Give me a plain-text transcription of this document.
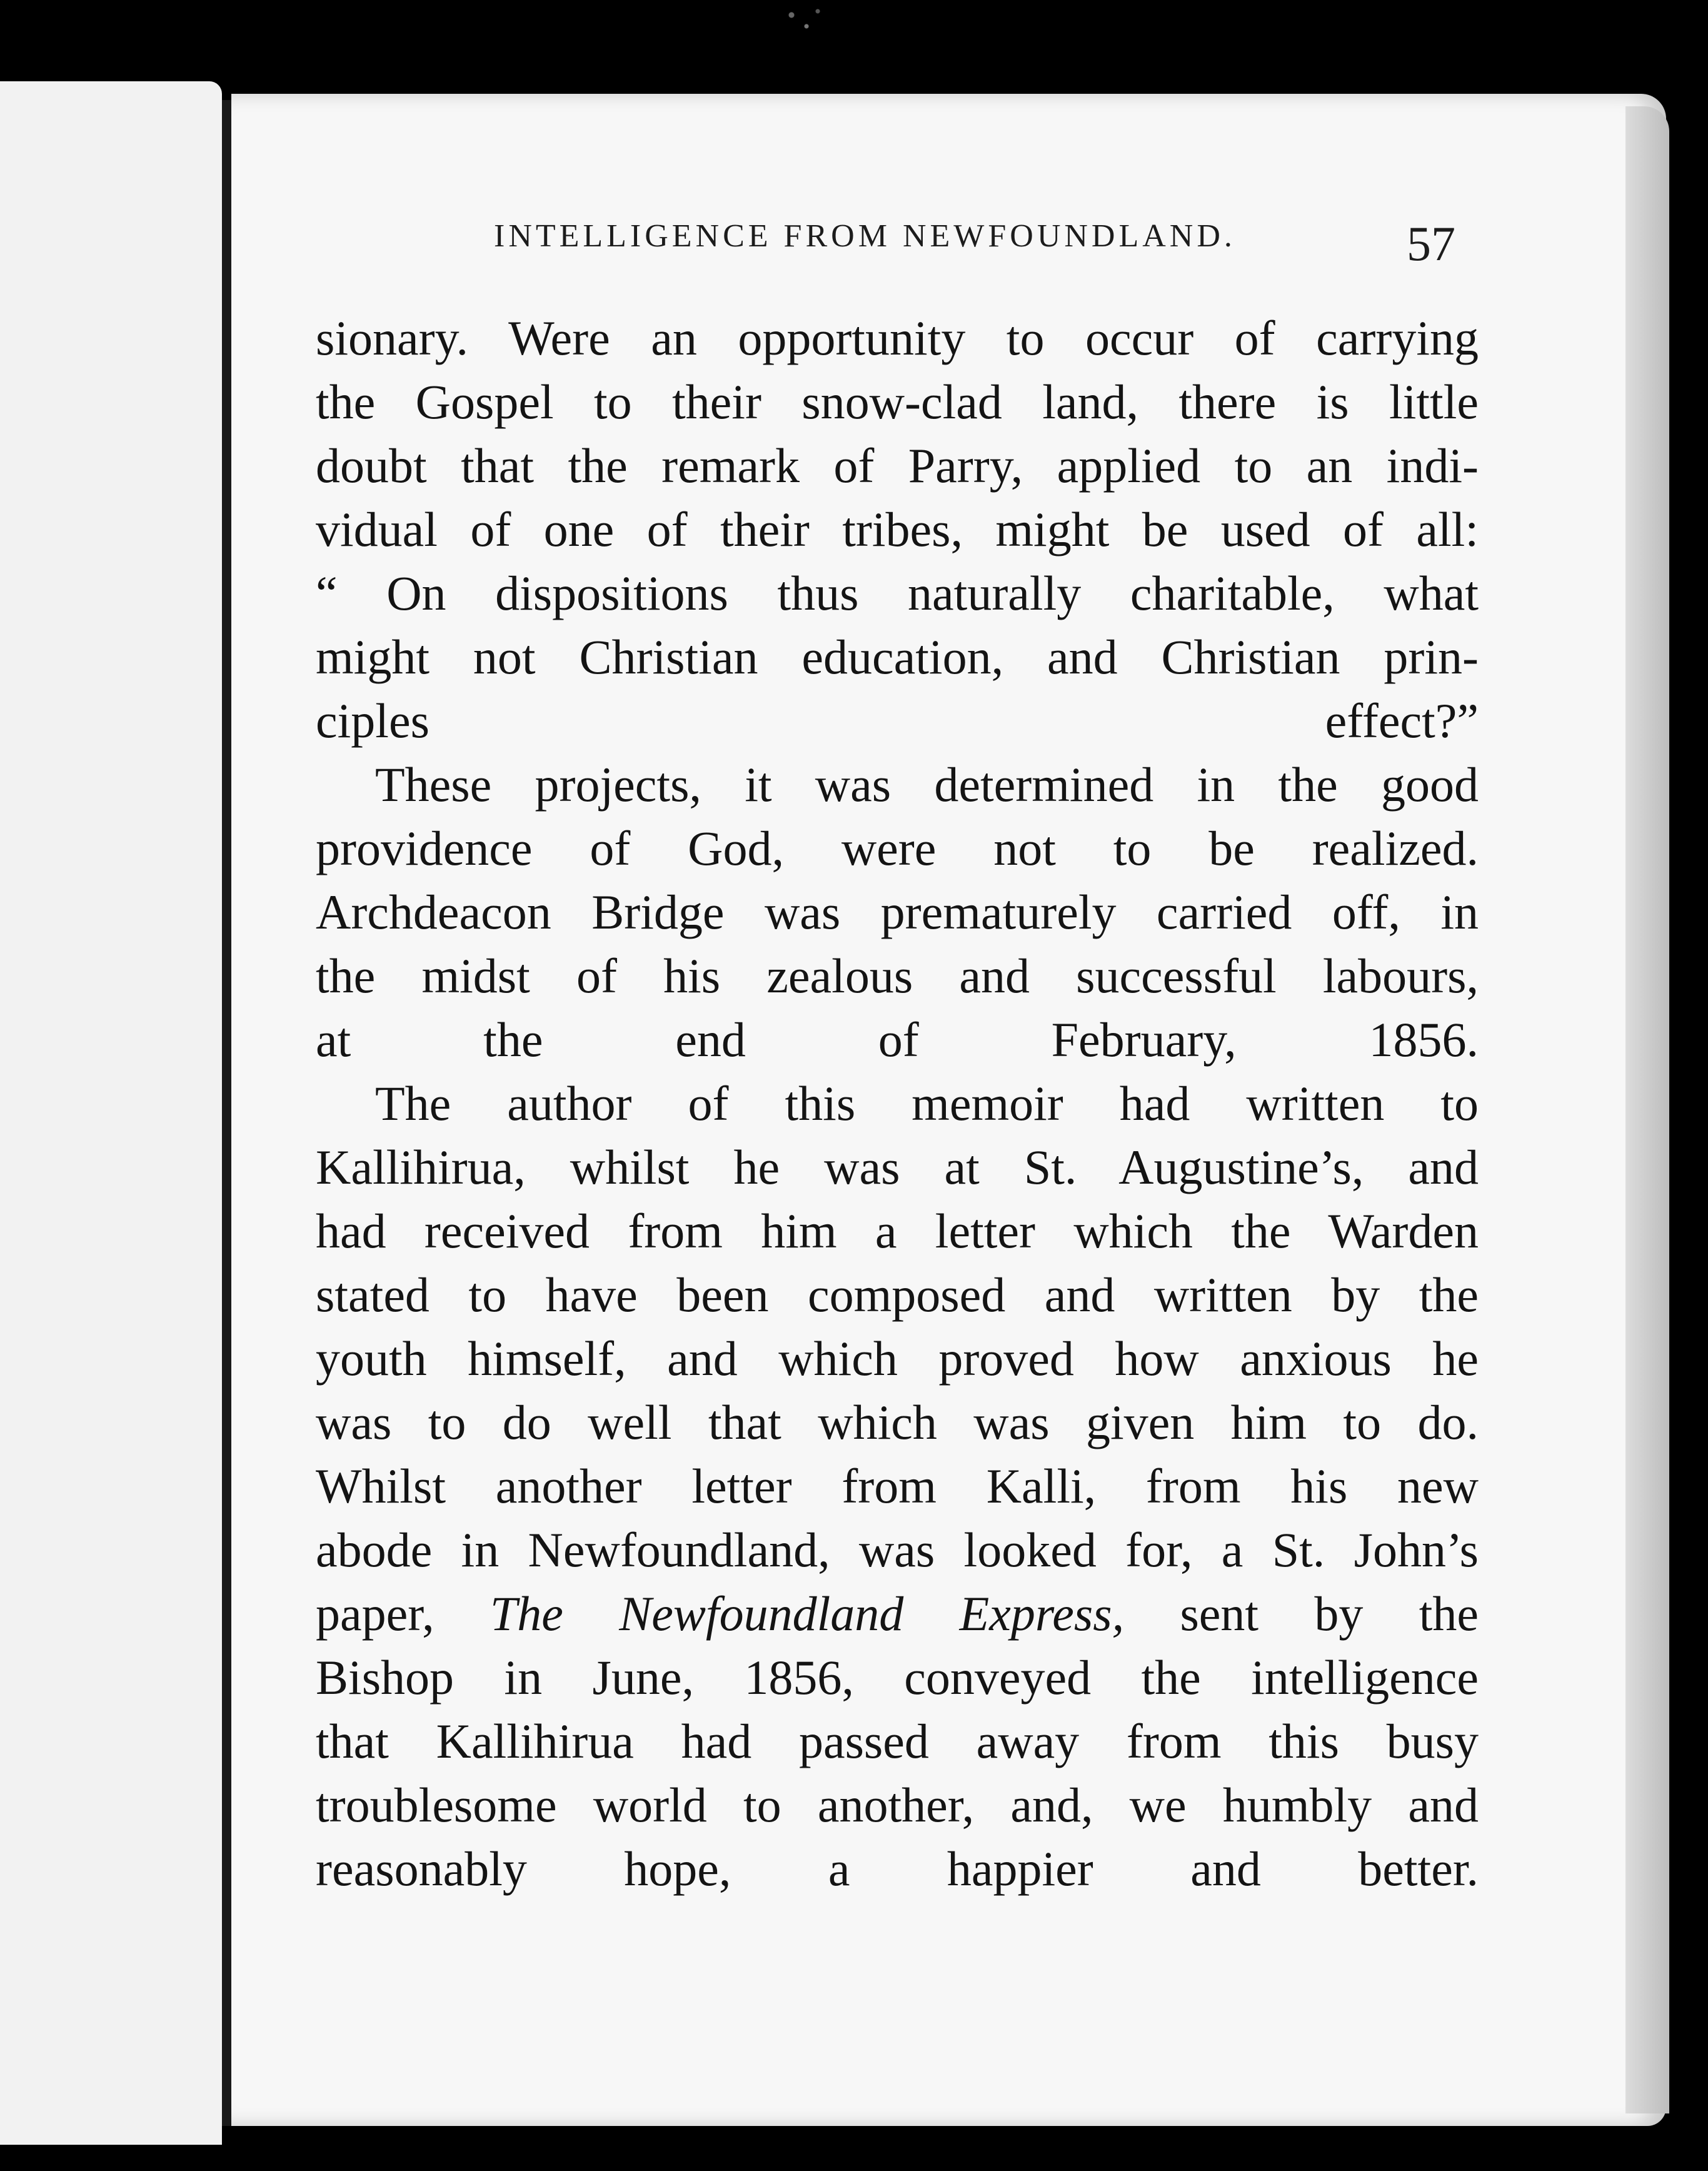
INTELLIGENCE FROM NEWFOUNDLAND.	57

sionary. Were an opportunity to occur of carrying
the Gospel to their snow-clad land, there is little
doubt that the remark of Parry, applied to an indi-
vidual of one of their tribes, might be used of all:
“ On dispositions thus naturally charitable, what
might not Christian education, and Christian prin-
ciples effect?”

These projects, it was determined in the good
providence of God, were not to be realized.
Archdeacon Bridge was prematurely carried off, in
the midst of his zealous and successful labours,
at the end of February, 1856.

The author of this memoir had written to
Kallihirua, whilst he was at St. Augustine’s, and
had received from him a letter which the Warden
stated to have been composed and written by the
youth himself, and which proved how anxious he
was to do well that which was given him to do.
Whilst another letter from Kalli, from his new
abode in Newfoundland, was looked for, a St. John’s
paper, The Newfoundland Express, sent by the
Bishop in June, 1856, conveyed the intelligence
that Kallihirua had passed away from this busy
troublesome world to another, and, we humbly and
reasonably hope, a happier and better.
